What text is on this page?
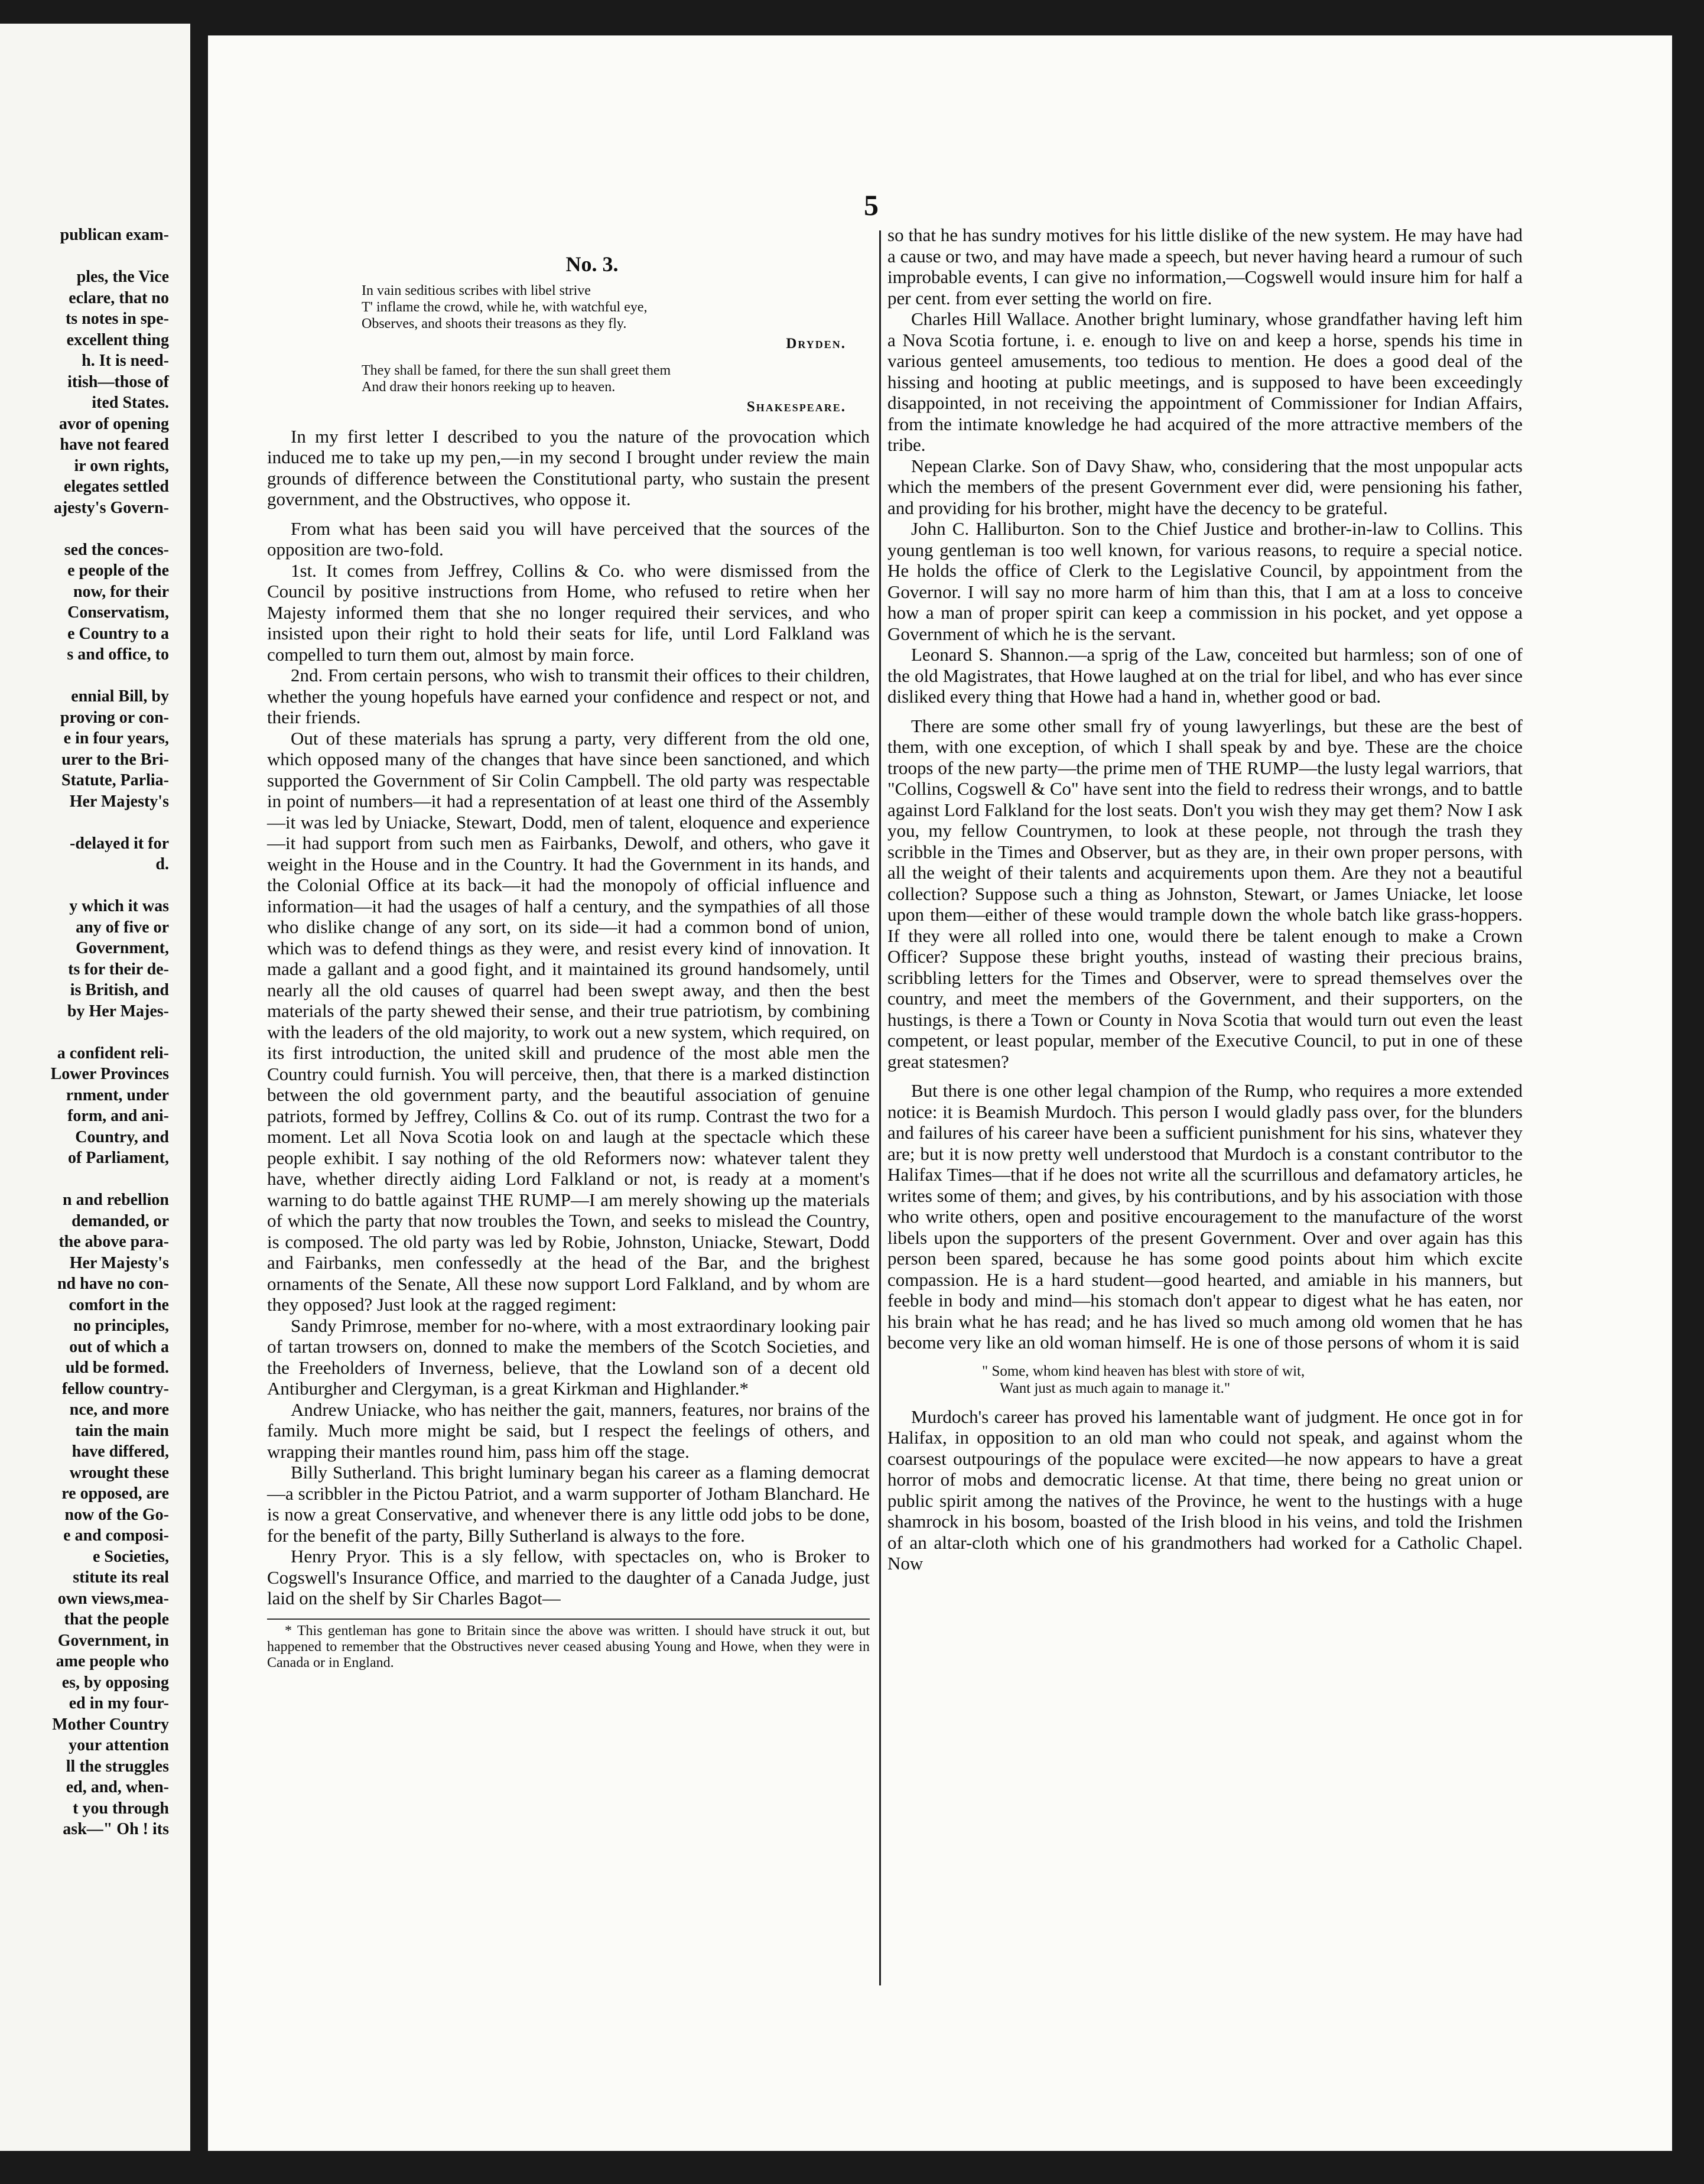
publican exam-

ples, the Vice
eclare, that no
ts notes in spe-
excellent thing
h. It is need-
itish—those of
ited States.
avor of opening
have not feared
ir own rights,
elegates settled
ajesty's Govern-

sed the conces-
e people of the
now, for their
Conservatism,
e Country to a
s and office, to

ennial Bill, by
proving or con-
e in four years,
urer to the Bri-
Statute, Parlia-
Her Majesty's

-delayed it for
d.

y which it was
any of five or
Government,
ts for their de-
is British, and
by Her Majes-

a confident reli-
Lower Provinces
rnment, under
form, and ani-
Country, and
of Parliament,

n and rebellion
demanded, or
the above para-
Her Majesty's
nd have no con-
comfort in the
no principles,
out of which a
uld be formed.
fellow country-
nce, and more
tain the main
have differed,
wrought these
re opposed, are
now of the Go-
e and composi-
e Societies,
stitute its real
own views,mea-
that the people
Government, in
ame people who
es, by opposing
ed in my four-
Mother Country
your attention
ll the struggles
ed, and, when-
t you through
ask—" Oh ! its
5
No. 3.
In vain seditious scribes with libel strive
T' inflame the crowd, while he, with watchful eye,
Observes, and shoots their treasons as they fly.
Dryden.
They shall be famed, for there the sun shall greet them
And draw their honors reeking up to heaven.
Shakespeare.

In my first letter I described to you the nature of the provocation which induced me to take up my pen,—in my second I brought under review the main grounds of difference between the Constitutional party, who sustain the present government, and the Obstructives, who oppose it.

From what has been said you will have perceived that the sources of the opposition are two-fold.

1st. It comes from Jeffrey, Collins & Co. who were dismissed from the Council by positive instructions from Home, who refused to retire when her Majesty informed them that she no longer required their services, and who insisted upon their right to hold their seats for life, until Lord Falkland was compelled to turn them out, almost by main force.

2nd. From certain persons, who wish to transmit their offices to their children, whether the young hopefuls have earned your confidence and respect or not, and their friends.

Out of these materials has sprung a party, very different from the old one, which opposed many of the changes that have since been sanctioned, and which supported the Government of Sir Colin Campbell. The old party was respectable in point of numbers—it had a representation of at least one third of the Assembly—it was led by Uniacke, Stewart, Dodd, men of talent, eloquence and experience—it had support from such men as Fairbanks, Dewolf, and others, who gave it weight in the House and in the Country. It had the Government in its hands, and the Colonial Office at its back—it had the monopoly of official influence and information—it had the usages of half a century, and the sympathies of all those who dislike change of any sort, on its side—it had a common bond of union, which was to defend things as they were, and resist every kind of innovation. It made a gallant and a good fight, and it maintained its ground handsomely, until nearly all the old causes of quarrel had been swept away, and then the best materials of the party shewed their sense, and their true patriotism, by combining with the leaders of the old majority, to work out a new system, which required, on its first introduction, the united skill and prudence of the most able men the Country could furnish. You will perceive, then, that there is a marked distinction between the old government party, and the beautiful association of genuine patriots, formed by Jeffrey, Collins & Co. out of its rump. Contrast the two for a moment. Let all Nova Scotia look on and laugh at the spectacle which these people exhibit. I say nothing of the old Reformers now: whatever talent they have, whether directly aiding Lord Falkland or not, is ready at a moment's warning to do battle against THE RUMP—I am merely showing up the materials of which the party that now troubles the Town, and seeks to mislead the Country, is composed. The old party was led by Robie, Johnston, Uniacke, Stewart, Dodd and Fairbanks, men confessedly at the head of the Bar, and the brighest ornaments of the Senate, All these now support Lord Falkland, and by whom are they opposed? Just look at the ragged regiment:

Sandy Primrose, member for no-where, with a most extraordinary looking pair of tartan trowsers on, donned to make the members of the Scotch Societies, and the Freeholders of Inverness, believe, that the Lowland son of a decent old Antiburgher and Clergyman, is a great Kirkman and Highlander.*

Andrew Uniacke, who has neither the gait, manners, features, nor brains of the family. Much more might be said, but I respect the feelings of others, and wrapping their mantles round him, pass him off the stage.

Billy Sutherland. This bright luminary began his career as a flaming democrat—a scribbler in the Pictou Patriot, and a warm supporter of Jotham Blanchard. He is now a great Conservative, and whenever there is any little odd jobs to be done, for the benefit of the party, Billy Sutherland is always to the fore.

Henry Pryor. This is a sly fellow, with spectacles on, who is Broker to Cogswell's Insurance Office, and married to the daughter of a Canada Judge, just laid on the shelf by Sir Charles Bagot—

* This gentleman has gone to Britain since the above was written. I should have struck it out, but happened to remember that the Obstructives never ceased abusing Young and Howe, when they were in Canada or in England.

so that he has sundry motives for his little dislike of the new system. He may have had a cause or two, and may have made a speech, but never having heard a rumour of such improbable events, I can give no information,—Cogswell would insure him for half a per cent. from ever setting the world on fire.

Charles Hill Wallace. Another bright luminary, whose grandfather having left him a Nova Scotia fortune, i. e. enough to live on and keep a horse, spends his time in various genteel amusements, too tedious to mention. He does a good deal of the hissing and hooting at public meetings, and is supposed to have been exceedingly disappointed, in not receiving the appointment of Commissioner for Indian Affairs, from the intimate knowledge he had acquired of the more attractive members of the tribe.

Nepean Clarke. Son of Davy Shaw, who, considering that the most unpopular acts which the members of the present Government ever did, were pensioning his father, and providing for his brother, might have the decency to be grateful.

John C. Halliburton. Son to the Chief Justice and brother-in-law to Collins. This young gentleman is too well known, for various reasons, to require a special notice. He holds the office of Clerk to the Legislative Council, by appointment from the Governor. I will say no more harm of him than this, that I am at a loss to conceive how a man of proper spirit can keep a commission in his pocket, and yet oppose a Government of which he is the servant.

Leonard S. Shannon.—a sprig of the Law, conceited but harmless; son of one of the old Magistrates, that Howe laughed at on the trial for libel, and who has ever since disliked every thing that Howe had a hand in, whether good or bad.

There are some other small fry of young lawyerlings, but these are the best of them, with one exception, of which I shall speak by and bye. These are the choice troops of the new party—the prime men of THE RUMP—the lusty legal warriors, that "Collins, Cogswell & Co" have sent into the field to redress their wrongs, and to battle against Lord Falkland for the lost seats. Don't you wish they may get them? Now I ask you, my fellow Countrymen, to look at these people, not through the trash they scribble in the Times and Observer, but as they are, in their own proper persons, with all the weight of their talents and acquirements upon them. Are they not a beautiful collection? Suppose such a thing as Johnston, Stewart, or James Uniacke, let loose upon them—either of these would trample down the whole batch like grass-hoppers. If they were all rolled into one, would there be talent enough to make a Crown Officer? Suppose these bright youths, instead of wasting their precious brains, scribbling letters for the Times and Observer, were to spread themselves over the country, and meet the members of the Government, and their supporters, on the hustings, is there a Town or County in Nova Scotia that would turn out even the least competent, or least popular, member of the Executive Council, to put in one of these great statesmen?

But there is one other legal champion of the Rump, who requires a more extended notice: it is Beamish Murdoch. This person I would gladly pass over, for the blunders and failures of his career have been a sufficient punishment for his sins, whatever they are; but it is now pretty well understood that Murdoch is a constant contributor to the Halifax Times—that if he does not write all the scurrillous and defamatory articles, he writes some of them; and gives, by his contributions, and by his association with those who write others, open and positive encouragement to the manufacture of the worst libels upon the supporters of the present Government. Over and over again has this person been spared, because he has some good points about him which excite compassion. He is a hard student—good hearted, and amiable in his manners, but feeble in body and mind—his stomach don't appear to digest what he has eaten, nor his brain what he has read; and he has lived so much among old women that he has become very like an old woman himself. He is one of those persons of whom it is said

" Some, whom kind heaven has blest with store of wit,
Want just as much again to manage it."

Murdoch's career has proved his lamentable want of judgment. He once got in for Halifax, in opposition to an old man who could not speak, and against whom the coarsest outpourings of the populace were excited—he now appears to have a great horror of mobs and democratic license. At that time, there being no great union or public spirit among the natives of the Province, he went to the hustings with a huge shamrock in his bosom, boasted of the Irish blood in his veins, and told the Irishmen of an altar-cloth which one of his grandmothers had worked for a Catholic Chapel. Now
